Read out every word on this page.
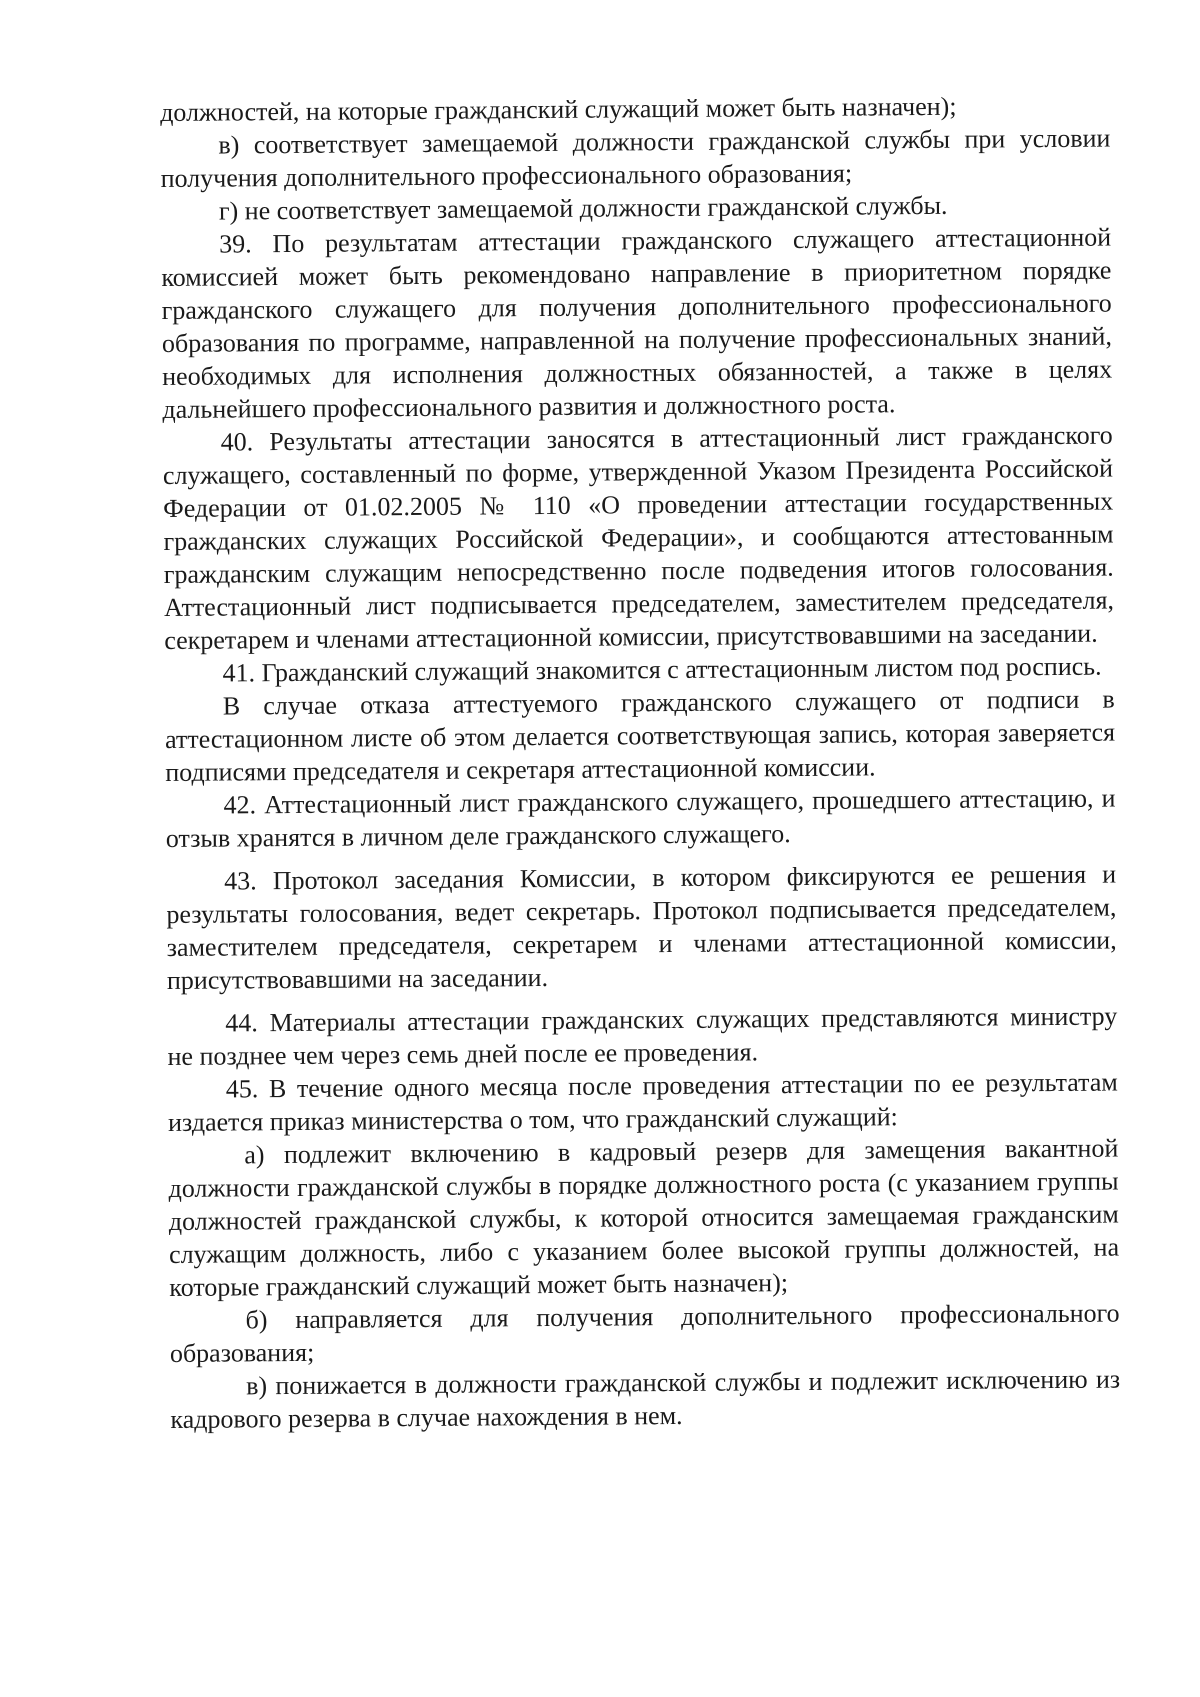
должностей, на которые гражданский служащий может быть назначен);

в) соответствует замещаемой должности гражданской службы при условии получения дополнительного профессионального образования;

г) не соответствует замещаемой должности гражданской службы.

39. По результатам аттестации гражданского служащего аттестационной комиссией может быть рекомендовано направление в приоритетном порядке гражданского служащего для получения дополнительного профессионального образования по программе, направленной на получение профессиональных знаний, необходимых для исполнения должностных обязанностей, а также в целях дальнейшего профессионального развития и должностного роста.

40. Результаты аттестации заносятся в аттестационный лист гражданского служащего, составленный по форме, утвержденной Указом Президента Российской Федерации от 01.02.2005 № 110 «О проведении аттестации государственных гражданских служащих Российской Федерации», и сообщаются аттестованным гражданским служащим непосредственно после подведения итогов голосования. Аттестационный лист подписывается председателем, заместителем председателя, секретарем и членами аттестационной комиссии, присутствовавшими на заседании.

41. Гражданский служащий знакомится с аттестационным листом под роспись.

В случае отказа аттестуемого гражданского служащего от подписи в аттестационном листе об этом делается соответствующая запись, которая заверяется подписями председателя и секретаря аттестационной комиссии.

42. Аттестационный лист гражданского служащего, прошедшего аттестацию, и отзыв хранятся в личном деле гражданского служащего.

43. Протокол заседания Комиссии, в котором фиксируются ее решения и результаты голосования, ведет секретарь. Протокол подписывается председателем, заместителем председателя, секретарем и членами аттестационной комиссии, присутствовавшими на заседании.

44. Материалы аттестации гражданских служащих представляются министру не позднее чем через семь дней после ее проведения.

45. В течение одного месяца после проведения аттестации по ее результатам издается приказ министерства о том, что гражданский служащий:

а) подлежит включению в кадровый резерв для замещения вакантной должности гражданской службы в порядке должностного роста (с указанием группы должностей гражданской службы, к которой относится замещаемая гражданским служащим должность, либо с указанием более высокой группы должностей, на которые гражданский служащий может быть назначен);

б) направляется для получения дополнительного профессионального образования;

в) понижается в должности гражданской службы и подлежит исключению из кадрового резерва в случае нахождения в нем.
